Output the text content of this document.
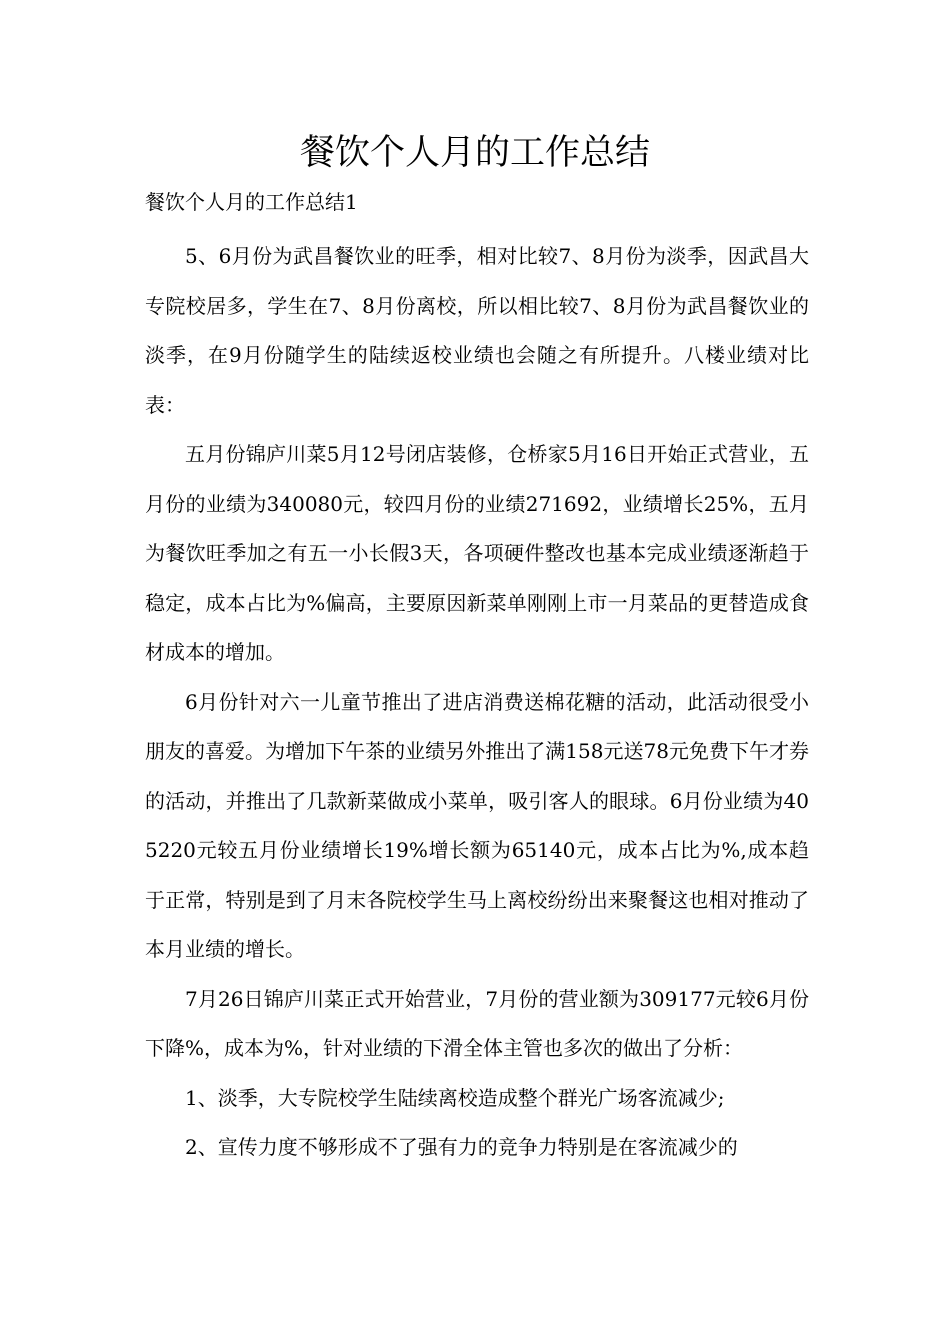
餐饮个人月的工作总结

餐饮个人月的工作总结1

5、6月份为武昌餐饮业的旺季，相对比较7、8月份为淡季，因武昌大专院校居多，学生在7、8月份离校，所以相比较7、8月份为武昌餐饮业的淡季，在9月份随学生的陆续返校业绩也会随之有所提升。八楼业绩对比表：

五月份锦庐川菜5月12号闭店装修，仓桥家5月16日开始正式营业，五月份的业绩为340080元，较四月份的业绩271692，业绩增长25%，五月为餐饮旺季加之有五一小长假3天，各项硬件整改也基本完成业绩逐渐趋于稳定，成本占比为%偏高，主要原因新菜单刚刚上市一月菜品的更替造成食材成本的增加。

6月份针对六一儿童节推出了进店消费送棉花糖的活动，此活动很受小朋友的喜爱。为增加下午茶的业绩另外推出了满158元送78元免费下午才券的活动，并推出了几款新菜做成小菜单，吸引客人的眼球。6月份业绩为405220元较五月份业绩增长19%增长额为65140元，成本占比为%,成本趋于正常，特别是到了月末各院校学生马上离校纷纷出来聚餐这也相对推动了本月业绩的增长。

7月26日锦庐川菜正式开始营业，7月份的营业额为309177元较6月份下降%，成本为%，针对业绩的下滑全体主管也多次的做出了分析：

1、淡季，大专院校学生陆续离校造成整个群光广场客流减少;

2、宣传力度不够形成不了强有力的竞争力特别是在客流减少的
